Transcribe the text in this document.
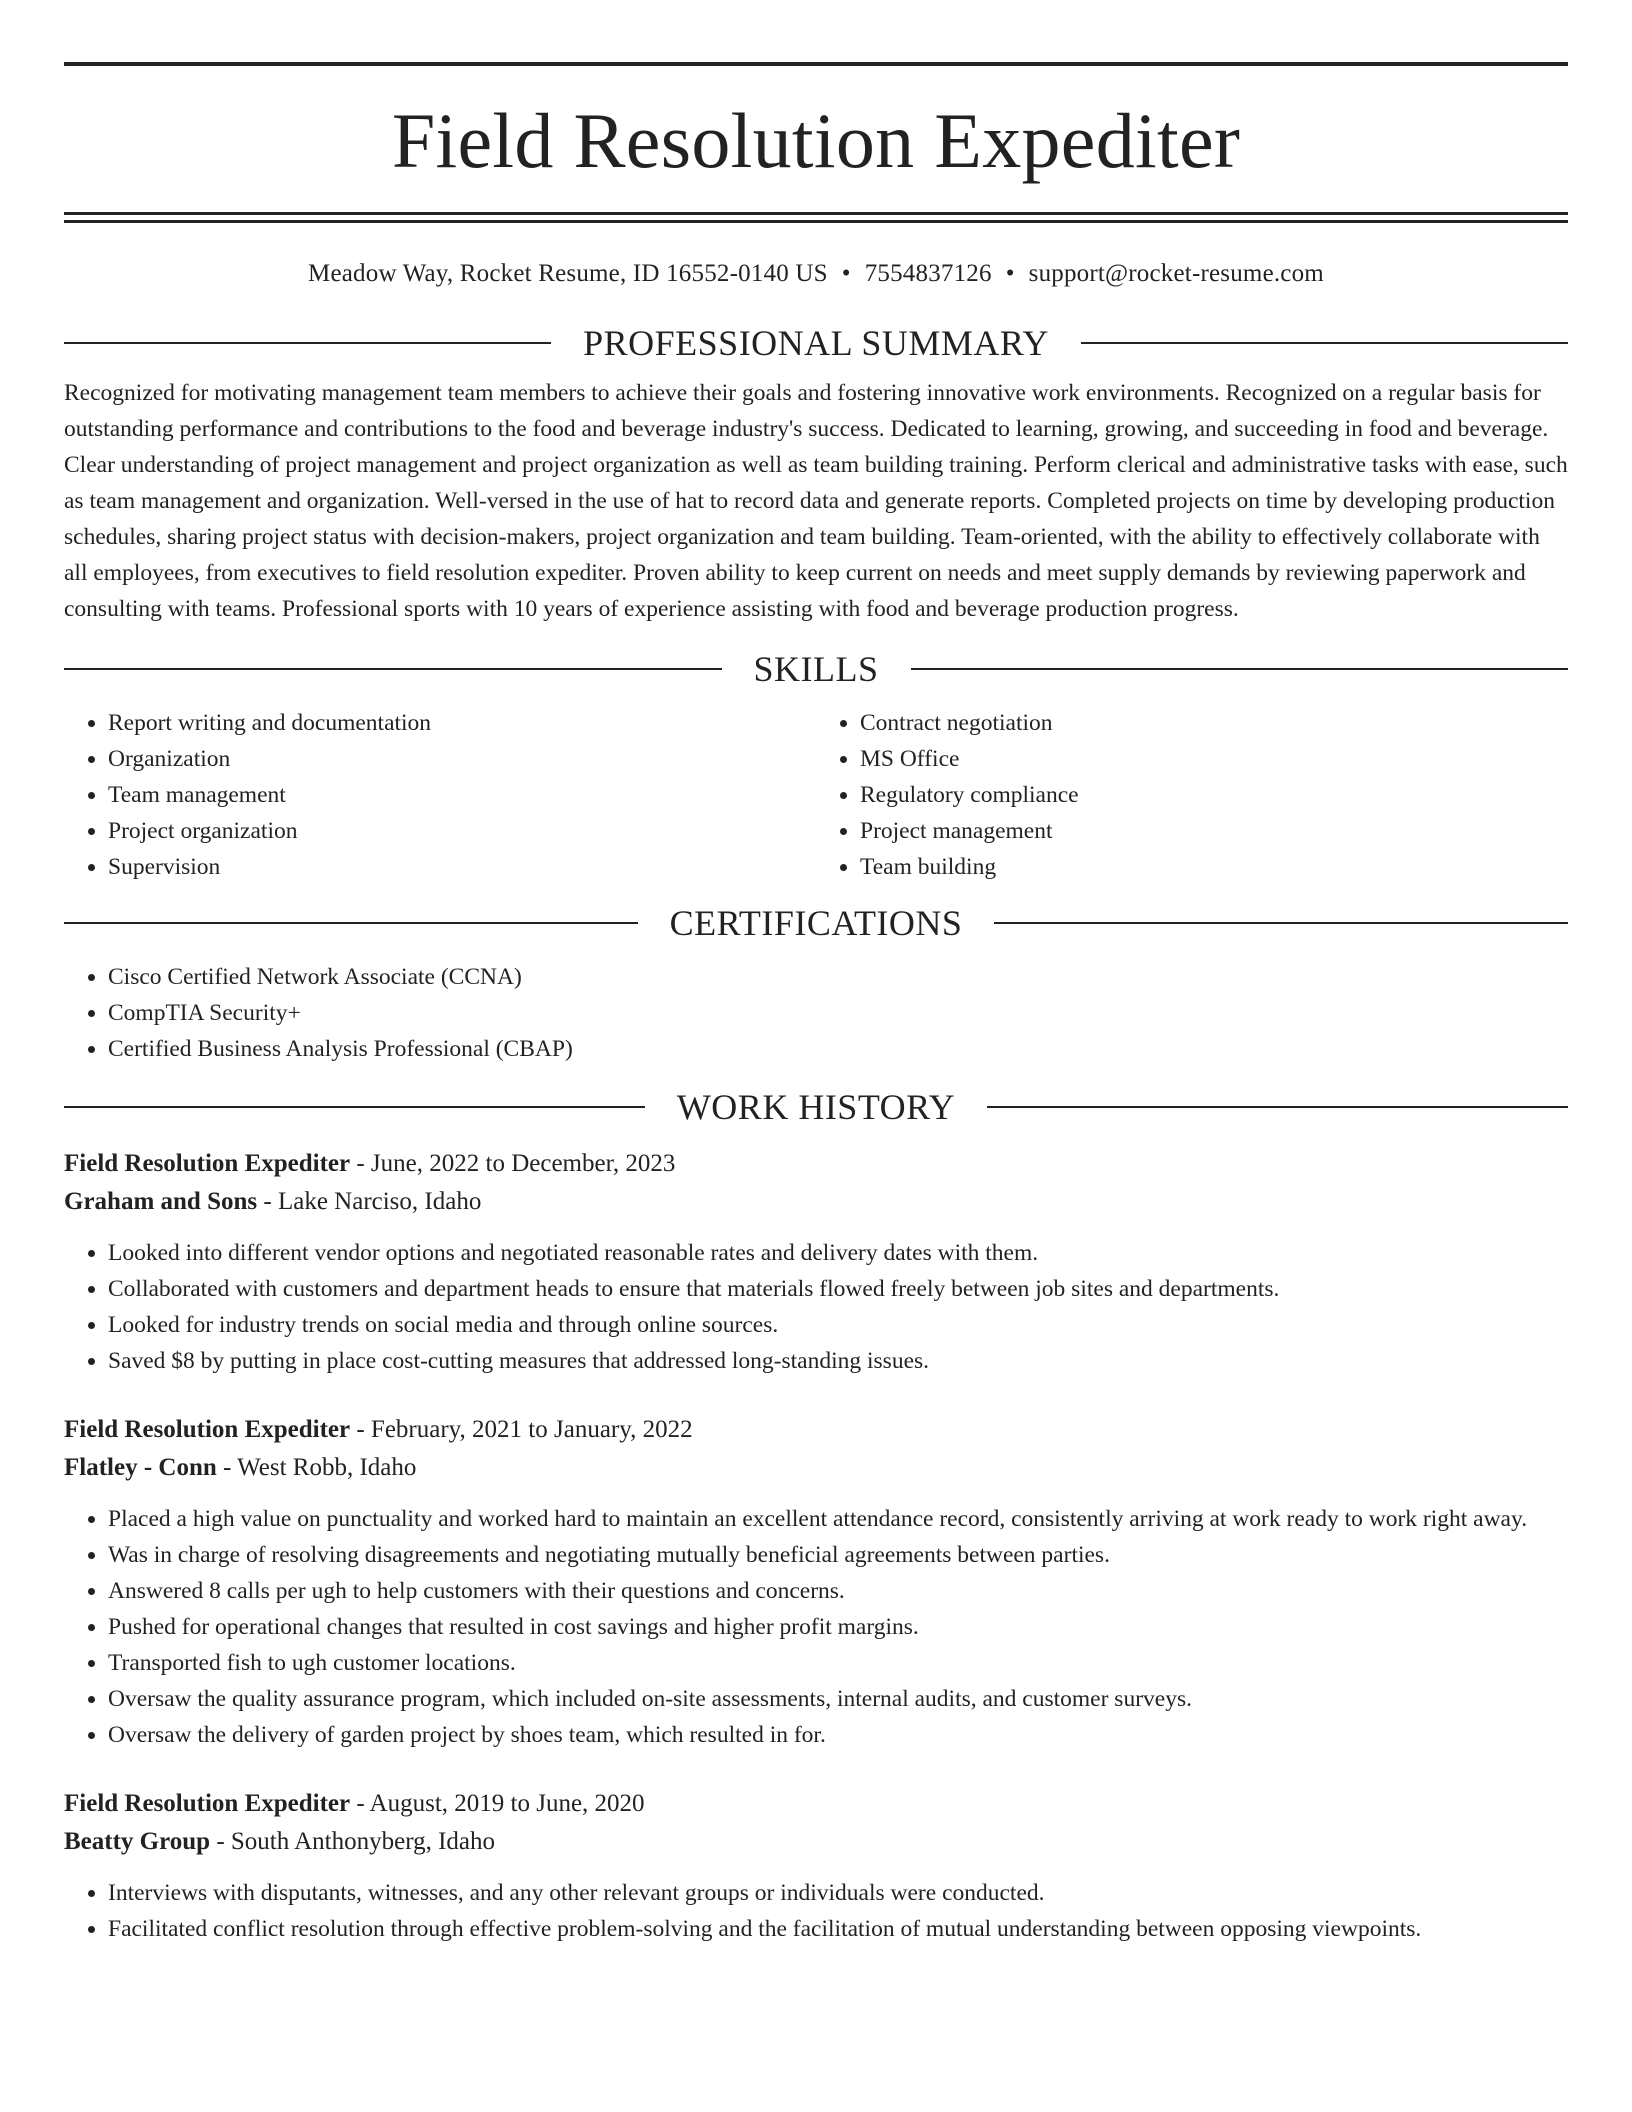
Field Resolution Expediter
Meadow Way, Rocket Resume, ID 16552-0140 US • 7554837126 • support@rocket-resume.com
PROFESSIONAL SUMMARY

Recognized for motivating management team members to achieve their goals and fostering innovative work environments. Recognized on a regular basis for outstanding performance and contributions to the food and beverage industry's success. Dedicated to learning, growing, and succeeding in food and beverage. Clear understanding of project management and project organization as well as team building training. Perform clerical and administrative tasks with ease, such as team management and organization. Well-versed in the use of hat to record data and generate reports. Completed projects on time by developing production schedules, sharing project status with decision-makers, project organization and team building. Team-oriented, with the ability to effectively collaborate with all employees, from executives to field resolution expediter. Proven ability to keep current on needs and meet supply demands by reviewing paperwork and consulting with teams. Professional sports with 10 years of experience assisting with food and beverage production progress.

SKILLS
• Report writing and documentation
• Organization
• Team management
• Project organization
• Supervision
• Contract negotiation
• MS Office
• Regulatory compliance
• Project management
• Team building
CERTIFICATIONS
• Cisco Certified Network Associate (CCNA)
• CompTIA Security+
• Certified Business Analysis Professional (CBAP)
WORK HISTORY
Field Resolution Expediter - June, 2022 to December, 2023
Graham and Sons - Lake Narciso, Idaho
• Looked into different vendor options and negotiated reasonable rates and delivery dates with them.
• Collaborated with customers and department heads to ensure that materials flowed freely between job sites and departments.
• Looked for industry trends on social media and through online sources.
• Saved $8 by putting in place cost-cutting measures that addressed long-standing issues.
Field Resolution Expediter - February, 2021 to January, 2022
Flatley - Conn - West Robb, Idaho
• Placed a high value on punctuality and worked hard to maintain an excellent attendance record, consistently arriving at work ready to work right away.
• Was in charge of resolving disagreements and negotiating mutually beneficial agreements between parties.
• Answered 8 calls per ugh to help customers with their questions and concerns.
• Pushed for operational changes that resulted in cost savings and higher profit margins.
• Transported fish to ugh customer locations.
• Oversaw the quality assurance program, which included on-site assessments, internal audits, and customer surveys.
• Oversaw the delivery of garden project by shoes team, which resulted in for.
Field Resolution Expediter - August, 2019 to June, 2020
Beatty Group - South Anthonyberg, Idaho
• Interviews with disputants, witnesses, and any other relevant groups or individuals were conducted.
• Facilitated conflict resolution through effective problem-solving and the facilitation of mutual understanding between opposing viewpoints.
